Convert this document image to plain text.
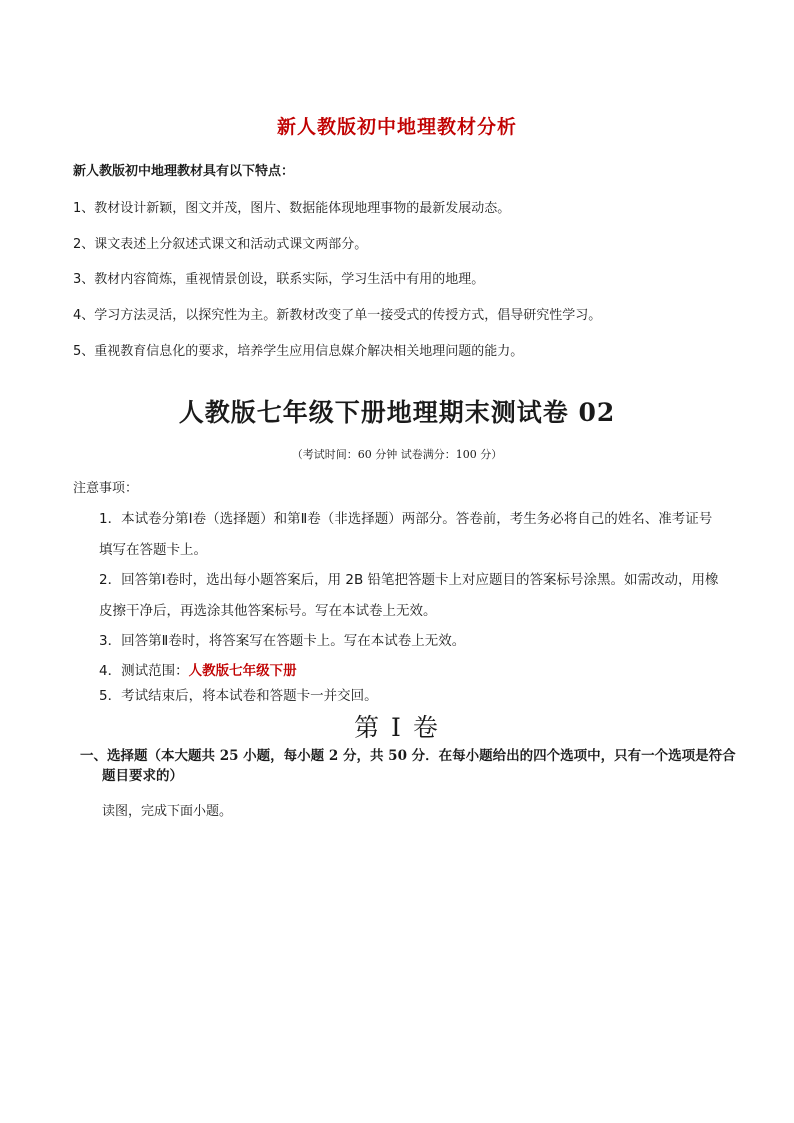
新人教版初中地理教材分析
新人教版初中地理教材具有以下特点：
1、教材设计新颖，图文并茂，图片、数据能体现地理事物的最新发展动态。
2、课文表述上分叙述式课文和活动式课文两部分。
3、教材内容简炼，重视情景创设，联系实际，学习生活中有用的地理。
4、学习方法灵活，以探究性为主。新教材改变了单一接受式的传授方式，倡导研究性学习。
5、重视教育信息化的要求，培养学生应用信息媒介解决相关地理问题的能力。
人教版七年级下册地理期末测试卷 02
（考试时间：60 分钟 试卷满分：100 分）
注意事项：
1．本试卷分第Ⅰ卷（选择题）和第Ⅱ卷（非选择题）两部分。答卷前，考生务必将自己的姓名、准考证号填写在答题卡上。
2．回答第Ⅰ卷时，选出每小题答案后，用 2B 铅笔把答题卡上对应题目的答案标号涂黑。如需改动，用橡皮擦干净后，再选涂其他答案标号。写在本试卷上无效。
3．回答第Ⅱ卷时，将答案写在答题卡上。写在本试卷上无效。
4．测试范围：人教版七年级下册
5．考试结束后，将本试卷和答题卡一并交回。
第 I 卷
一、选择题（本大题共 25 小题，每小题 2 分，共 50 分．在每小题给出的四个选项中，只有一个选项是符合题目要求的）
读图，完成下面小题。
